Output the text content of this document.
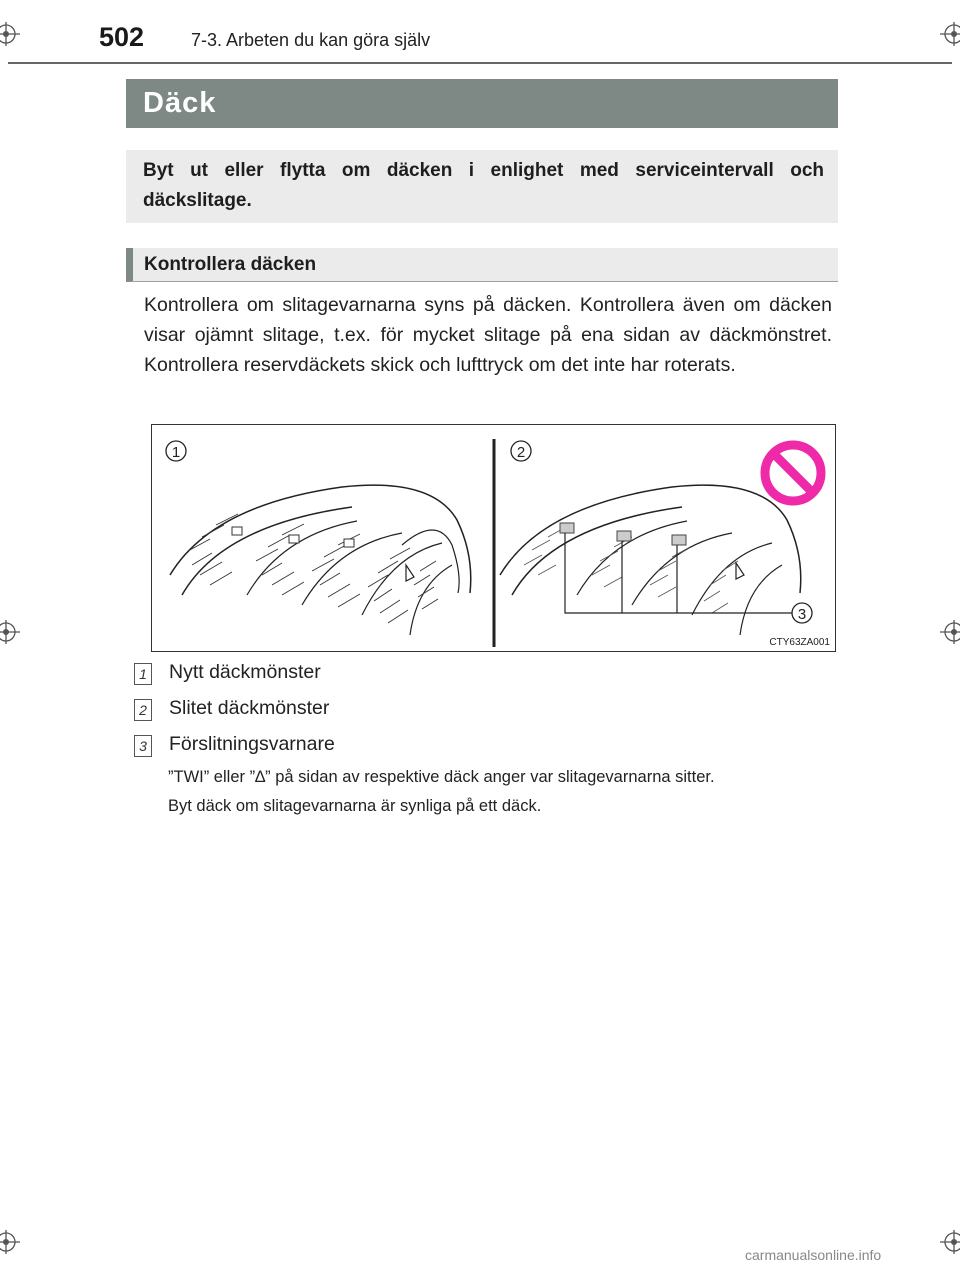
502	7-3. Arbeten du kan göra själv
Däck
Byt ut eller flytta om däcken i enlighet med serviceintervall och däckslitage.
Kontrollera däcken
Kontrollera om slitagevarnarna syns på däcken. Kontrollera även om däcken visar ojämnt slitage, t.ex. för mycket slitage på ena sidan av däckmönstret. Kontrollera reservdäckets skick och lufttryck om det inte har roterats.
1	2
3
CTY63ZA001
1 Nytt däckmönster
2 Slitet däckmönster
3 Förslitningsvarnare
”TWI” eller ”∆” på sidan av respektive däck anger var slitagevarnarna sitter.
Byt däck om slitagevarnarna är synliga på ett däck.
carmanualsonline.info
